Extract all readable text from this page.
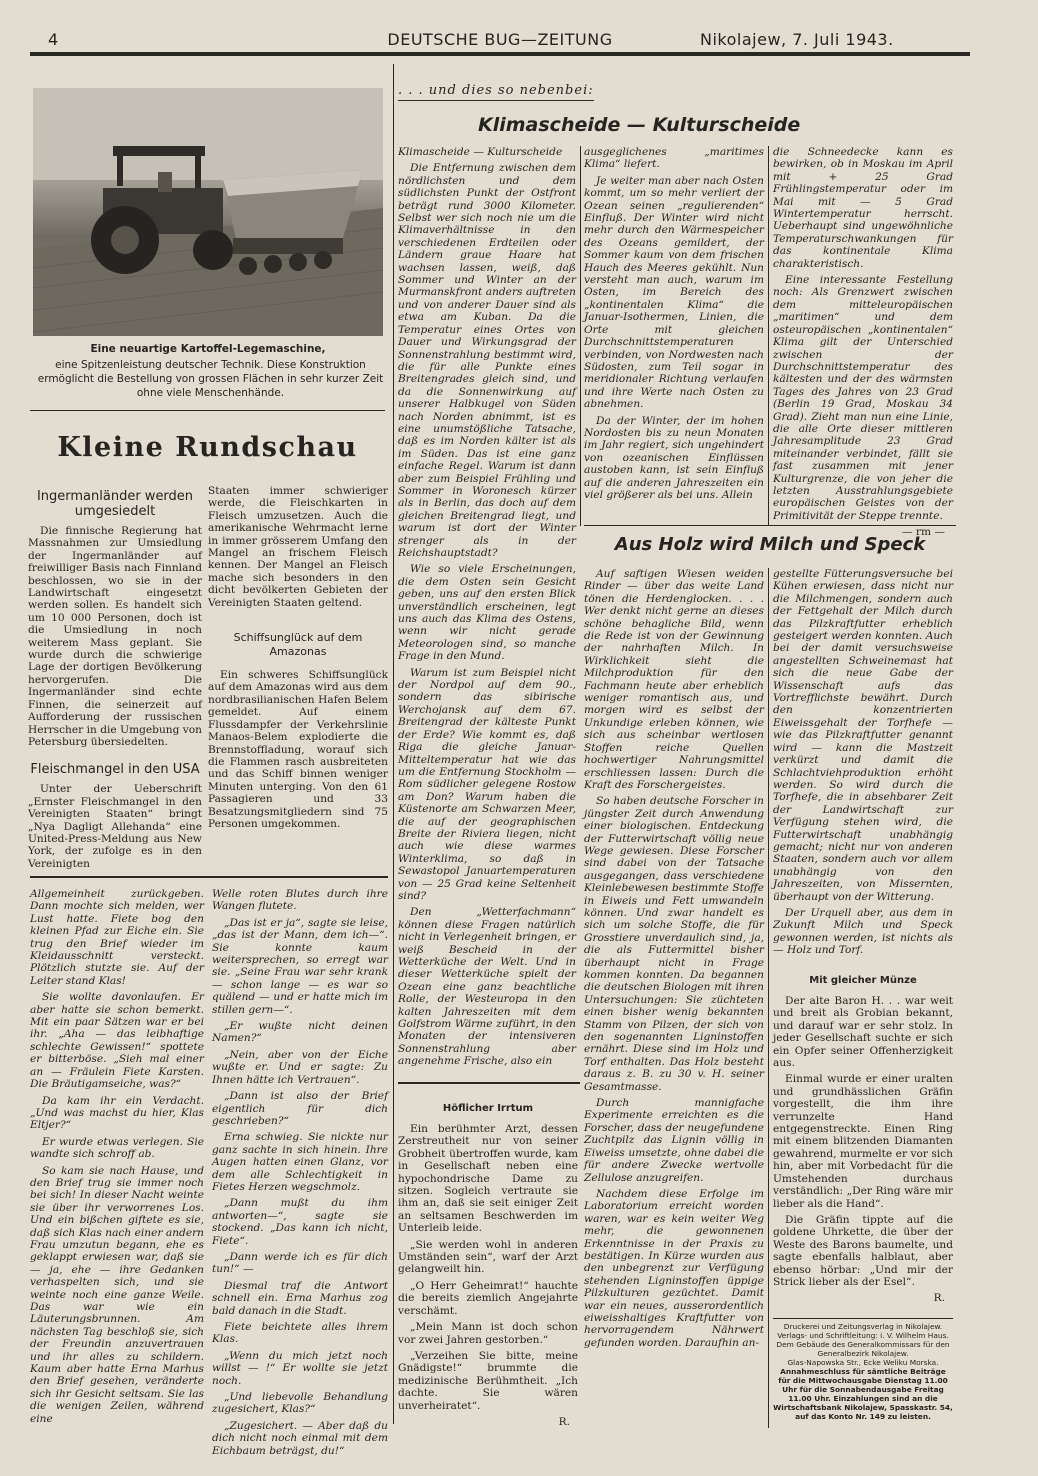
4	DEUTSCHE BUG—ZEITUNG	Nikolajew, 7. Juli 1943.
Eine neuartige Kartoffel-Legemaschine,
eine Spitzenleistung deutscher Technik. Diese Konstruktion ermöglicht die Bestellung von grossen Flächen in sehr kurzer Zeit ohne viele Menschenhände.
Kleine Rundschau
Ingermanländer werden umgesiedelt

Die finnische Regierung hat Massnahmen zur Umsiedlung der Ingermanländer auf freiwilliger Basis nach Finnland beschlossen, wo sie in der Landwirtschaft eingesetzt werden sollen. Es handelt sich um 10 000 Personen, doch ist die Umsiedlung in noch weiterem Mass geplant. Sie wurde durch die schwierige Lage der dortigen Bevölkerung hervorgerufen. Die Ingermanländer sind echte Finnen, die seinerzeit auf Aufforderung der russischen Herrscher in die Umgebung von Petersburg übersiedelten.

Fleischmangel in den USA

Unter der Ueberschrift „Ernster Fleischmangel in den Vereinigten Staaten“ bringt „Nya Dagligt Allehanda“ eine United-Press-Meldung aus New York, der zufolge es in den Vereinigten

Staaten immer schwieriger werde, die Fleischkarten in Fleisch umzusetzen. Auch die amerikanische Wehrmacht lerne in immer grösserem Umfang den Mangel an frischem Fleisch kennen. Der Mangel an Fleisch mache sich besonders in den dicht bevölkerten Gebieten der Vereinigten Staaten geltend.

Schiffsunglück auf dem Amazonas

Ein schweres Schiffsunglück auf dem Amazonas wird aus dem nordbrasilianischen Hafen Belem gemeldet. Auf einem Flussdampfer der Verkehrslinie Manaos-Belem explodierte die Brennstoffladung, worauf sich die Flammen rasch ausbreiteten und das Schiff binnen weniger Minuten unterging. Von den 61 Passagieren und 33 Besatzungsmitgliedern sind 75 Personen umgekommen.

Allgemeinheit zurückgeben. Dann mochte sich melden, wer Lust hatte. Fiete bog den kleinen Pfad zur Eiche ein. Sie trug den Brief wieder im Kleidausschnitt versteckt. Plötzlich stutzte sie. Auf der Leiter stand Klas!

Sie wollte davonlaufen. Er aber hatte sie schon bemerkt. Mit ein paar Sätzen war er bei ihr. „Aha — das leibhaftige schlechte Gewissen!“ spottete er bitterböse. „Sieh mal einer an — Fräulein Fiete Karsten. Die Bräutigamseiche, was?“

Da kam ihr ein Verdacht. „Und was machst du hier, Klas Eltjer?“

Er wurde etwas verlegen. Sie wandte sich schroff ab.

So kam sie nach Hause, und den Brief trug sie immer noch bei sich! In dieser Nacht weinte sie über ihr verworrenes Los. Und ein bißchen giftete es sie, daß sich Klas nach einer andern Frau umzutun begann, ehe es geklappt erwiesen war, daß sie — ja, ehe — ihre Gedanken verhaspelten sich, und sie weinte noch eine ganze Weile. Das war wie ein Läuterungsbrunnen. Am nächsten Tag beschloß sie, sich der Freundin anzuvertrauen und ihr alles zu schildern. Kaum aber hatte Erna Marhus den Brief gesehen, veränderte sich ihr Gesicht seltsam. Sie las die wenigen Zeilen, während eine

Welle roten Blutes durch ihre Wangen flutete.

„Das ist er ja“, sagte sie leise, „das ist der Mann, dem ich—“. Sie konnte kaum weitersprechen, so erregt war sie. „Seine Frau war sehr krank — schon lange — es war so quälend — und er hatte mich im stillen gern—“.

„Er wußte nicht deinen Namen?“

„Nein, aber von der Eiche wußte er. Und er sagte: Zu Ihnen hätte ich Vertrauen“.

„Dann ist also der Brief eigentlich für dich geschrieben?“

Erna schwieg. Sie nickte nur ganz sachte in sich hinein. Ihre Augen hatten einen Glanz, vor dem alle Schlechtigkeit in Fietes Herzen wegschmolz.

„Dann mußt du ihm antworten—“, sagte sie stockend. „Das kann ich nicht, Fiete“.

„Dann werde ich es für dich tun!“ —

Diesmal traf die Antwort schnell ein. Erna Marhus zog bald danach in die Stadt.

Fiete beichtete alles ihrem Klas.

„Wenn du mich jetzt noch willst — !“ Er wollte sie jetzt noch.

„Und liebevolle Behandlung zugesichert, Klas?“

„Zugesichert. — Aber daß du dich nicht noch einmal mit dem Eichbaum beträgst, du!“

. . . und dies so nebenbei:
Klimascheide — Kulturscheide

Klimascheide — Kulturscheide

Die Entfernung zwischen dem nördlichsten und dem südlichsten Punkt der Ostfront beträgt rund 3000 Kilometer. Selbst wer sich noch nie um die Klimaverhältnisse in den verschiedenen Erdteilen oder Ländern graue Haare hat wachsen lassen, weiß, daß Sommer und Winter an der Murmanskfront anders auftreten und von anderer Dauer sind als etwa am Kuban. Da die Temperatur eines Ortes von Dauer und Wirkungsgrad der Sonnenstrahlung bestimmt wird, die für alle Punkte eines Breitengrades gleich sind, und da die Sonnenwirkung auf unserer Halbkugel von Süden nach Norden abnimmt, ist es eine unumstößliche Tatsache, daß es im Norden kälter ist als im Süden. Das ist eine ganz einfache Regel. Warum ist dann aber zum Beispiel Frühling und Sommer in Woronesch kürzer als in Berlin, das doch auf dem gleichen Breitengrad liegt, und warum ist dort der Winter strenger als in der Reichshauptstadt?

Wie so viele Erscheinungen, die dem Osten sein Gesicht geben, uns auf den ersten Blick unverständlich erscheinen, legt uns auch das Klima des Ostens, wenn wir nicht gerade Meteorologen sind, so manche Frage in den Mund.

Warum ist zum Beispiel nicht der Nordpol auf dem 90., sondern das sibirische Werchojansk auf dem 67. Breitengrad der kälteste Punkt der Erde? Wie kommt es, daß Riga die gleiche Januar-Mitteltemperatur hat wie das um die Entfernung Stockholm — Rom südlicher gelegene Rostow am Don? Warum haben die Küstenorte am Schwarzen Meer, die auf der geographischen Breite der Riviera liegen, nicht auch wie diese warmes Winterklima, so daß in Sewastopol Januartemperaturen von — 25 Grad keine Seltenheit sind?

Den „Wetterfachmann“ können diese Fragen natürlich nicht in Verlegenheit bringen, er weiß Bescheid in der Wetterküche der Welt. Und in dieser Wetterküche spielt der Ozean eine ganz beachtliche Rolle, der Westeuropa in den kalten Jahreszeiten mit dem Golfstrom Wärme zuführt, in den Monaten der intensiveren Sonnenstrahlung aber angenehme Frische, also ein

ausgeglichenes „maritimes Klima“ liefert.

Je weiter man aber nach Osten kommt, um so mehr verliert der Ozean seinen „regulierenden“ Einfluß. Der Winter wird nicht mehr durch den Wärmespeicher des Ozeans gemildert, der Sommer kaum von dem frischen Hauch des Meeres gekühlt. Nun versteht man auch, warum im Osten, im Bereich des „kontinentalen Klima“ die Januar-Isothermen, Linien, die Orte mit gleichen Durchschnittstemperaturen verbinden, von Nordwesten nach Südosten, zum Teil sogar in meridionaler Richtung verlaufen und ihre Werte nach Osten zu abnehmen.

Da der Winter, der im hohen Nordosten bis zu neun Monaten im Jahr regiert, sich ungehindert von ozeanischen Einflüssen austoben kann, ist sein Einfluß auf die anderen Jahreszeiten ein viel größerer als bei uns. Allein

die Schneedecke kann es bewirken, ob in Moskau im April mit + 25 Grad Frühlingstemperatur oder im Mai mit — 5 Grad Wintertemperatur herrscht. Ueberhaupt sind ungewöhnliche Temperaturschwankungen für das kontinentale Klima charakteristisch.

Eine interessante Festellung noch: Als Grenzwert zwischen dem mitteleuropäischen „maritimen“ und dem osteuropäischen „kontinentalen“ Klima gilt der Unterschied zwischen der Durchschnittstemperatur des kältesten und der des wärmsten Tages des Jahres von 23 Grad (Berlin 19 Grad, Moskau 34 Grad). Zieht man nun eine Linie, die alle Orte dieser mittleren Jahresamplitude 23 Grad miteinander verbindet, fällt sie fast zusammen mit jener Kulturgrenze, die von jeher die letzten Ausstrahlungsgebiete europäischen Geistes von der Primitivität der Steppe trennte.

— rm —

Höflicher Irrtum

Ein berühmter Arzt, dessen Zerstreutheit nur von seiner Grobheit übertroffen wurde, kam in Gesellschaft neben eine hypochondrische Dame zu sitzen. Sogleich vertraute sie ihm an, daß sie seit einiger Zeit an seltsamen Beschwerden im Unterleib leide.

„Sie werden wohl in anderen Umständen sein“, warf der Arzt gelangweilt hin.

„O Herr Geheimrat!“ hauchte die bereits ziemlich Angejahrte verschämt.

„Mein Mann ist doch schon vor zwei Jahren gestorben.“

„Verzeihen Sie bitte, meine Gnädigste!“ brummte die medizinische Berühmtheit. „Ich dachte. Sie wären unverheiratet“.

R.

Aus Holz wird Milch und Speck

Auf saftigen Wiesen weiden Rinder — über das weite Land tönen die Herdenglocken. . . . Wer denkt nicht gerne an dieses schöne behagliche Bild, wenn die Rede ist von der Gewinnung der nahrhaften Milch. In Wirklichkeit sieht die Milchproduktion für den Fachmann heute aber erheblich weniger romantisch aus, und morgen wird es selbst der Unkundige erleben können, wie sich aus scheinbar wertlosen Stoffen reiche Quellen hochwertiger Nahrungsmittel erschliessen lassen: Durch die Kraft des Forschergeistes.

So haben deutsche Forscher in jüngster Zeit durch Anwendung einer biologischen. Entdeckung der Futterwirtschaft völlig neue Wege gewiesen. Diese Forscher sind dabei von der Tatsache ausgegangen, dass verschiedene Kleinlebewesen bestimmte Stoffe in Eiweis und Fett umwandeln können. Und zwar handelt es sich um solche Stoffe, die für Grosstiere unverdaulich sind, ja, die als Futtermittel bisher überhaupt nicht in Frage kommen konnten. Da begannen die deutschen Biologen mit ihren Untersuchungen: Sie züchteten einen bisher wenig bekannten Stamm von Pilzen, der sich von den sogenannten Ligninstoffen ernährt. Diese sind im Holz und Torf enthalten. Das Holz besteht daraus z. B. zu 30 v. H. seiner Gesamtmasse.

Durch mannigfache Experimente erreichten es die Forscher, dass der neugefundene Zuchtpilz das Lignin völlig in Eiweiss umsetzte, ohne dabei die für andere Zwecke wertvolle Zellulose anzugreifen.

Nachdem diese Erfolge im Laboratorium erreicht worden waren, war es kein weiter Weg mehr, die gewonnenen Erkenntnisse in der Praxis zu bestätigen. In Kürze wurden aus den unbegrenzt zur Verfügung stehenden Ligninstoffen üppige Pilzkulturen gezüchtet. Damit war ein neues, ausserordentlich eiweisshaltiges Kraftfutter von hervorragendem Nährwert gefunden worden. Daraufhin an-

gestellte Fütterungsversuche bei Kühen erwiesen, dass nicht nur die Milchmengen, sondern auch der Fettgehalt der Milch durch das Pilzkraftfutter erheblich gesteigert werden konnten. Auch bei der damit versuchsweise angestellten Schweinemast hat sich die neue Gabe der Wissenschaft aufs das Vortrefflichste bewährt. Durch den konzentrierten Eiweissgehalt der Torfhefe — wie das Pilzkraftfutter genannt wird — kann die Mastzeit verkürzt und damit die Schlachtviehproduktion erhöht werden. So wird durch die Torfhefe, die in absehbarer Zeit der Landwirtschaft zur Verfügung stehen wird, die Futterwirtschaft unabhängig gemacht; nicht nur von anderen Staaten, sondern auch vor allem unabhängig von den Jahreszeiten, von Missernten, überhaupt von der Witterung.

Der Urquell aber, aus dem in Zukunft Milch und Speck gewonnen werden, ist nichts als — Holz und Torf.

Mit gleicher Münze

Der alte Baron H. . . war weit und breit als Grobian bekannt, und darauf war er sehr stolz. In jeder Gesellschaft suchte er sich ein Opfer seiner Offenherzigkeit aus.

Einmal wurde er einer uralten und grundhässlichen Gräfin vorgestellt, die ihm ihre verrunzelte Hand entgegenstreckte. Einen Ring mit einem blitzenden Diamanten gewahrend, murmelte er vor sich hin, aber mit Vorbedacht für die Umstehenden durchaus verständlich: „Der Ring wäre mir lieber als die Hand“.

Die Gräfin tippte auf die goldene Uhrkette, die über der Weste des Barons baumelte, und sagte ebenfalls halblaut, aber ebenso hörbar: „Und mir der Strick lieber als der Esel“.

R.

Druckerei und Zeitungsverlag in Nikolajew. Verlags- und Schriftleitung: i. V. Wilhelm Haus. Dem Gebäude des Generalkommissars für den Generalbezirk Nikolajew.
Glas-Napowska Str., Ecke Weliku Morska.
Annahmeschluss für sämtliche Beiträge für die Mittwochausgabe Dienstag 11.00 Uhr für die Sonnabendausgabe Freitag 11.00 Uhr. Einzahlungen sind an die Wirtschaftsbank Nikolajew, Spasskastr. 54, auf das Konto Nr. 149 zu leisten.
